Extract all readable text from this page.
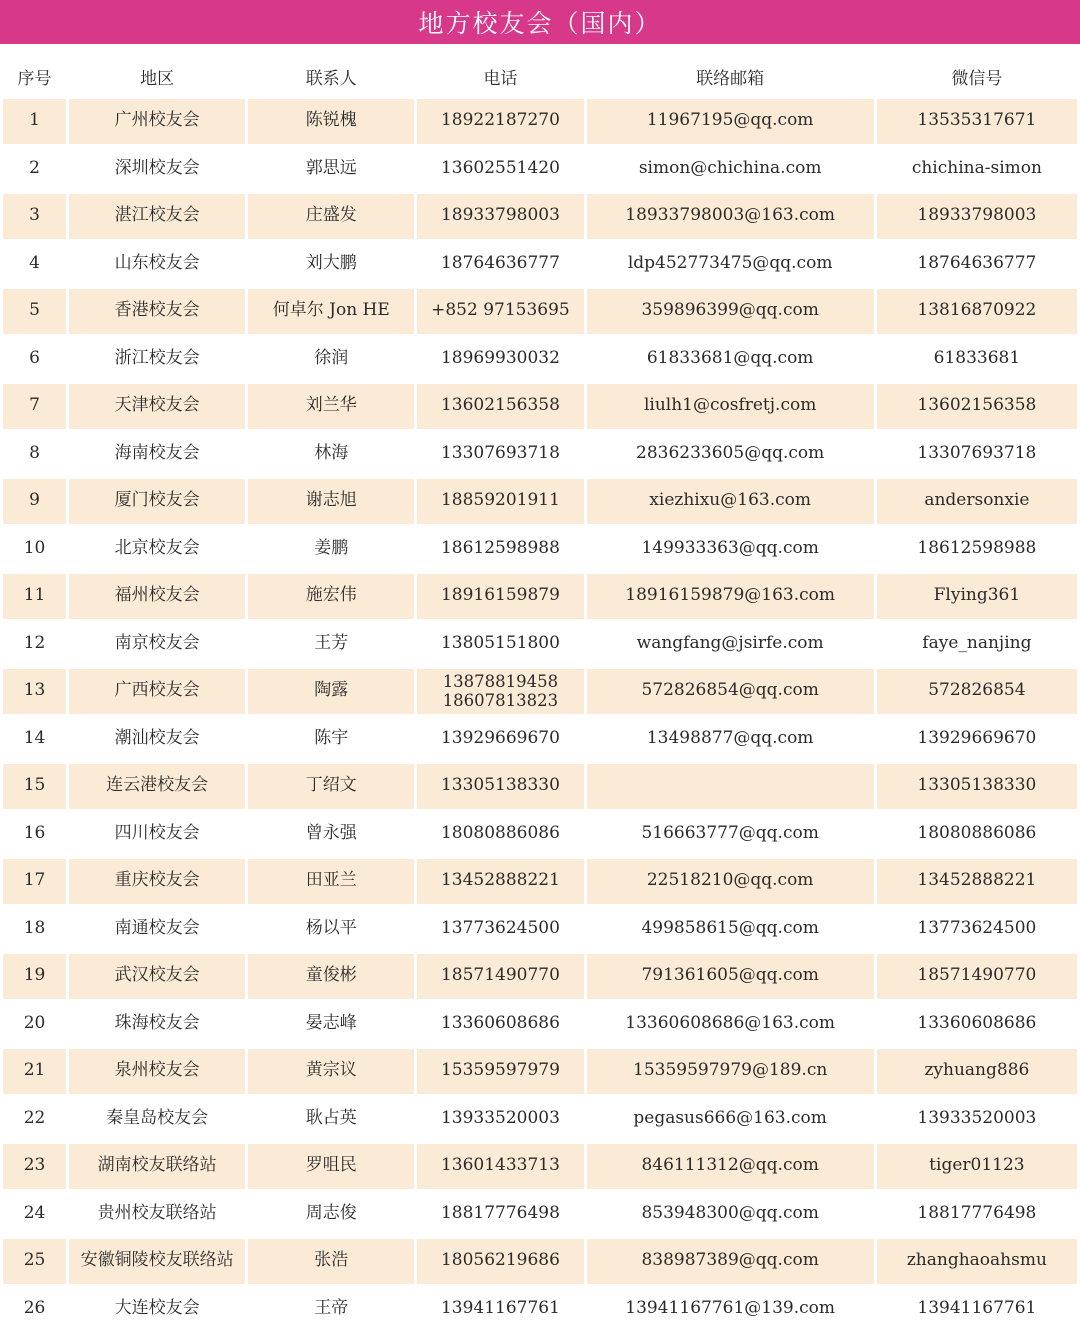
地方校友会（国内）
序号	地区	联系人	电话	联络邮箱	微信号
1	广州校友会	陈锐槐	18922187270	11967195@qq.com	13535317671
2	深圳校友会	郭思远	13602551420	simon@chichina.com	chichina-simon
3	湛江校友会	庄盛发	18933798003	18933798003@163.com	18933798003
4	山东校友会	刘大鹏	18764636777	ldp452773475@qq.com	18764636777
5	香港校友会	何卓尔 Jon HE	+852 97153695	359896399@qq.com	13816870922
6	浙江校友会	徐润	18969930032	61833681@qq.com	61833681
7	天津校友会	刘兰华	13602156358	liulh1@cosfretj.com	13602156358
8	海南校友会	林海	13307693718	2836233605@qq.com	13307693718
9	厦门校友会	谢志旭	18859201911	xiezhixu@163.com	andersonxie
10	北京校友会	姜鹏	18612598988	149933363@qq.com	18612598988
11	福州校友会	施宏伟	18916159879	18916159879@163.com	Flying361
12	南京校友会	王芳	13805151800	wangfang@jsirfe.com	faye_nanjing
13	广西校友会	陶露	13878819458
18607813823	572826854@qq.com	572826854
14	潮汕校友会	陈宇	13929669670	13498877@qq.com	13929669670
15	连云港校友会	丁绍文	13305138330		13305138330
16	四川校友会	曾永强	18080886086	516663777@qq.com	18080886086
17	重庆校友会	田亚兰	13452888221	22518210@qq.com	13452888221
18	南通校友会	杨以平	13773624500	499858615@qq.com	13773624500
19	武汉校友会	童俊彬	18571490770	791361605@qq.com	18571490770
20	珠海校友会	晏志峰	13360608686	13360608686@163.com	13360608686
21	泉州校友会	黄宗议	15359597979	15359597979@189.cn	zyhuang886
22	秦皇岛校友会	耿占英	13933520003	pegasus666@163.com	13933520003
23	湖南校友联络站	罗咀民	13601433713	846111312@qq.com	tiger01123
24	贵州校友联络站	周志俊	18817776498	853948300@qq.com	18817776498
25	安徽铜陵校友联络站	张浩	18056219686	838987389@qq.com	zhanghaoahsmu
26	大连校友会	王帝	13941167761	13941167761@139.com	13941167761
